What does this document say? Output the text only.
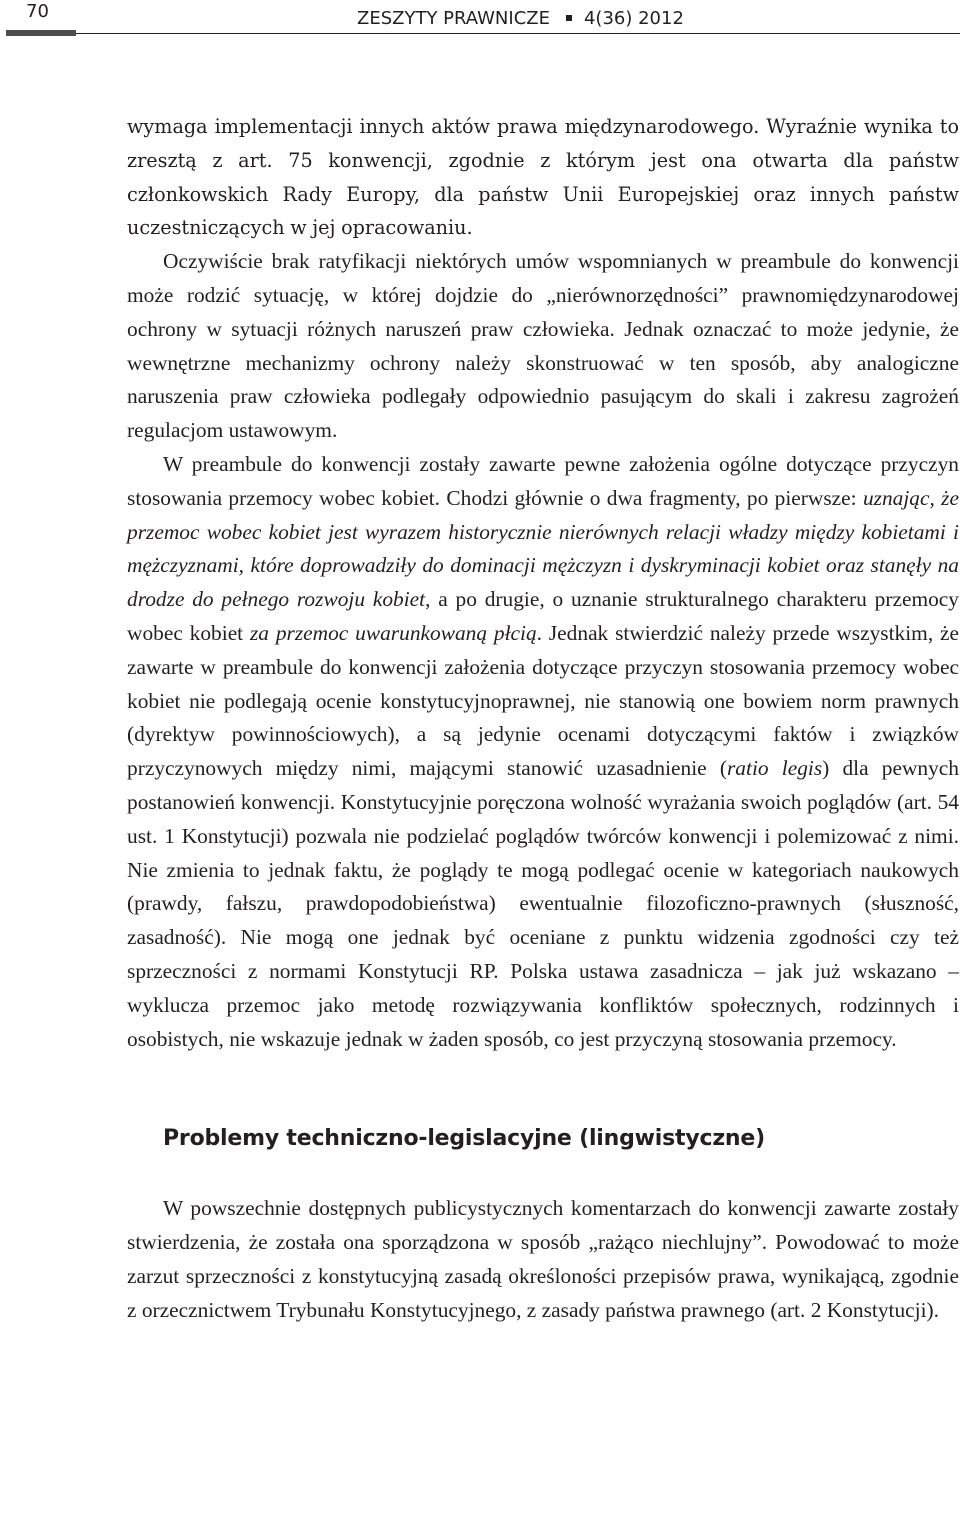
70	ZESZYTY PRAWNICZE 4(36) 2012

wymaga implementacji innych aktów prawa międzynarodowego. Wyraźnie wynika to zresztą z art. 75 konwencji, zgodnie z którym jest ona otwarta dla państw członkowskich Rady Europy, dla państw Unii Europejskiej oraz innych państw uczestniczących w jej opracowaniu.

Oczywiście brak ratyfikacji niektórych umów wspomnianych w preambule do konwencji może rodzić sytuację, w której dojdzie do „nierównorzędności” prawnomiędzynarodowej ochrony w sytuacji różnych naruszeń praw człowieka. Jednak oznaczać to może jedynie, że wewnętrzne mechanizmy ochrony należy skonstruować w ten sposób, aby analogiczne naruszenia praw człowieka podlegały odpowiednio pasującym do skali i zakresu zagrożeń regulacjom ustawowym.

W preambule do konwencji zostały zawarte pewne założenia ogólne dotyczące przyczyn stosowania przemocy wobec kobiet. Chodzi głównie o dwa fragmenty, po pierwsze: uznając, że przemoc wobec kobiet jest wyrazem historycznie nierównych relacji władzy między kobietami i mężczyznami, które doprowadziły do dominacji mężczyzn i dyskryminacji kobiet oraz stanęły na drodze do pełnego rozwoju kobiet, a po drugie, o uznanie strukturalnego charakteru przemocy wobec kobiet za przemoc uwarunkowaną płcią. Jednak stwierdzić należy przede wszystkim, że zawarte w preambule do konwencji założenia dotyczące przyczyn stosowania przemocy wobec kobiet nie podlegają ocenie konstytucyjnoprawnej, nie stanowią one bowiem norm prawnych (dyrektyw powinnościowych), a są jedynie ocenami dotyczącymi faktów i związków przyczynowych między nimi, mającymi stanowić uzasadnienie (ratio legis) dla pewnych postanowień konwencji. Konstytucyjnie poręczona wolność wyrażania swoich poglądów (art. 54 ust. 1 Konstytucji) pozwala nie podzielać poglądów twórców konwencji i polemizować z nimi. Nie zmienia to jednak faktu, że poglądy te mogą podlegać ocenie w kategoriach naukowych (prawdy, fałszu, prawdopodobieństwa) ewentualnie filozoficzno-prawnych (słuszność, zasadność). Nie mogą one jednak być oceniane z punktu widzenia zgodności czy też sprzeczności z normami Konstytucji RP. Polska ustawa zasadnicza – jak już wskazano – wyklucza przemoc jako metodę rozwiązywania konfliktów społecznych, rodzinnych i osobistych, nie wskazuje jednak w żaden sposób, co jest przyczyną stosowania przemocy.

Problemy techniczno-legislacyjne (lingwistyczne)

W powszechnie dostępnych publicystycznych komentarzach do konwencji zawarte zostały stwierdzenia, że została ona sporządzona w sposób „rażąco niechlujny”. Powodować to może zarzut sprzeczności z konstytucyjną zasadą określoności przepisów prawa, wynikającą, zgodnie z orzecznictwem Trybunału Konstytucyjnego, z zasady państwa prawnego (art. 2 Konstytucji).
